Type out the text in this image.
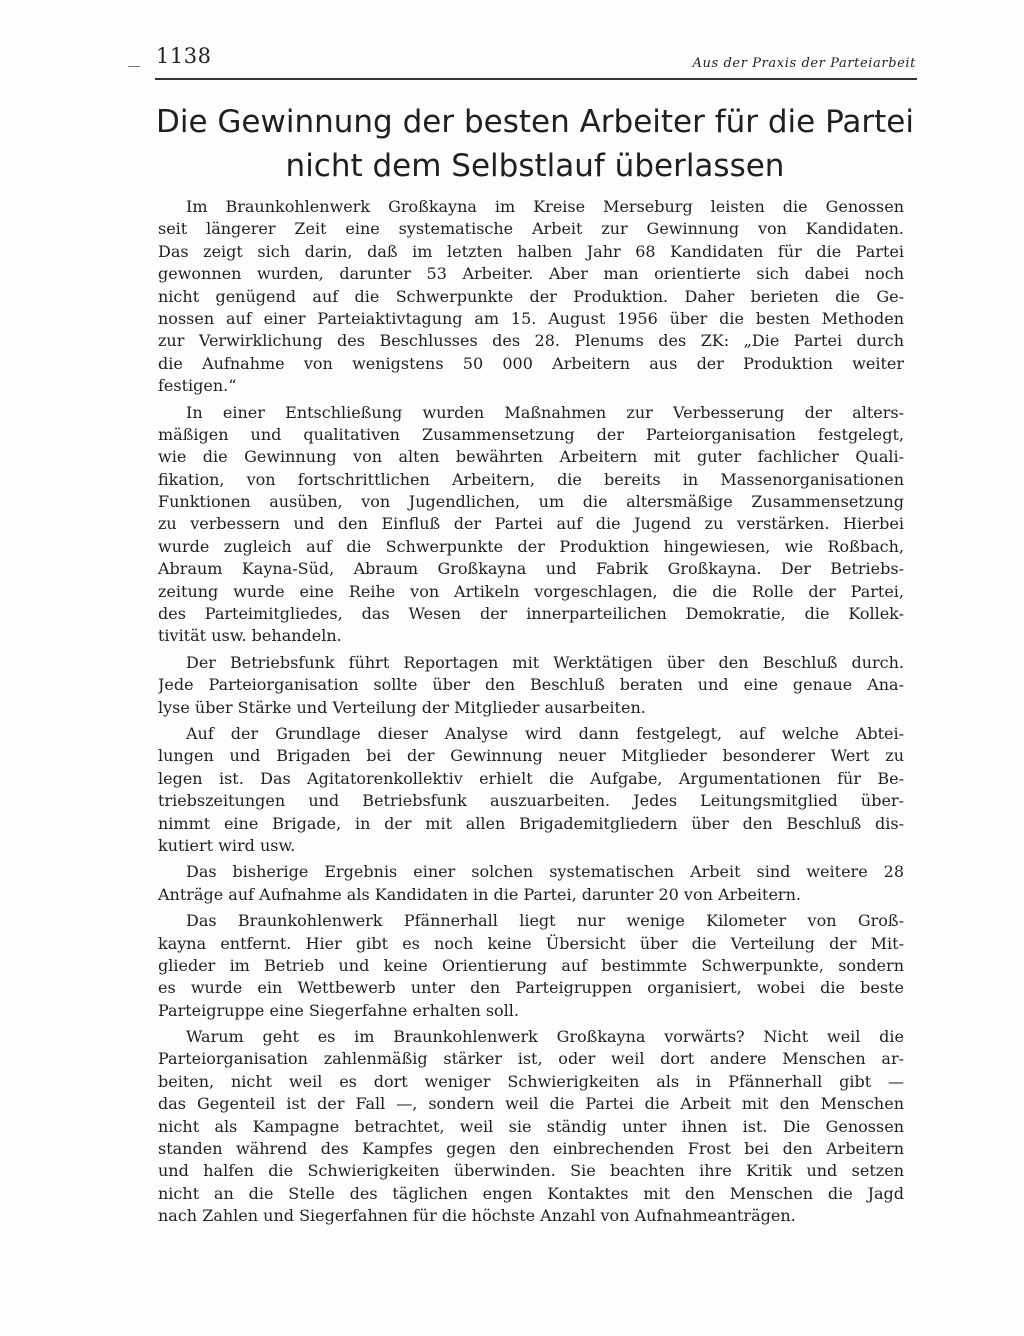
1138	Aus der Praxis der Parteiarbeit
Die Gewinnung der besten Arbeiter für die Partei
nicht dem Selbstlauf überlassen
Im Braunkohlenwerk Großkayna im Kreise Merseburg leisten die Genossen
seit längerer Zeit eine systematische Arbeit zur Gewinnung von Kandidaten.
Das zeigt sich darin, daß im letzten halben Jahr 68 Kandidaten für die Partei
gewonnen wurden, darunter 53 Arbeiter. Aber man orientierte sich dabei noch
nicht genügend auf die Schwerpunkte der Produktion. Daher berieten die Ge-
nossen auf einer Parteiaktivtagung am 15. August 1956 über die besten Methoden
zur Verwirklichung des Beschlusses des 28. Plenums des ZK: „Die Partei durch
die Aufnahme von wenigstens 50 000 Arbeitern aus der Produktion weiter
festigen.“
In einer Entschließung wurden Maßnahmen zur Verbesserung der alters-
mäßigen und qualitativen Zusammensetzung der Parteiorganisation festgelegt,
wie die Gewinnung von alten bewährten Arbeitern mit guter fachlicher Quali-
fikation, von fortschrittlichen Arbeitern, die bereits in Massenorganisationen
Funktionen ausüben, von Jugendlichen, um die altersmäßige Zusammensetzung
zu verbessern und den Einfluß der Partei auf die Jugend zu verstärken. Hierbei
wurde zugleich auf die Schwerpunkte der Produktion hingewiesen, wie Roßbach,
Abraum Kayna-Süd, Abraum Großkayna und Fabrik Großkayna. Der Betriebs-
zeitung wurde eine Reihe von Artikeln vorgeschlagen, die die Rolle der Partei,
des Parteimitgliedes, das Wesen der innerparteilichen Demokratie, die Kollek-
tivität usw. behandeln.
Der Betriebsfunk führt Reportagen mit Werktätigen über den Beschluß durch.
Jede Parteiorganisation sollte über den Beschluß beraten und eine genaue Ana-
lyse über Stärke und Verteilung der Mitglieder ausarbeiten.
Auf der Grundlage dieser Analyse wird dann festgelegt, auf welche Abtei-
lungen und Brigaden bei der Gewinnung neuer Mitglieder besonderer Wert zu
legen ist. Das Agitatorenkollektiv erhielt die Aufgabe, Argumentationen für Be-
triebszeitungen und Betriebsfunk auszuarbeiten. Jedes Leitungsmitglied über-
nimmt eine Brigade, in der mit allen Brigademitgliedern über den Beschluß dis-
kutiert wird usw.
Das bisherige Ergebnis einer solchen systematischen Arbeit sind weitere 28
Anträge auf Aufnahme als Kandidaten in die Partei, darunter 20 von Arbeitern.
Das Braunkohlenwerk Pfännerhall liegt nur wenige Kilometer von Groß-
kayna entfernt. Hier gibt es noch keine Übersicht über die Verteilung der Mit-
glieder im Betrieb und keine Orientierung auf bestimmte Schwerpunkte, sondern
es wurde ein Wettbewerb unter den Parteigruppen organisiert, wobei die beste
Parteigruppe eine Siegerfahne erhalten soll.
Warum geht es im Braunkohlenwerk Großkayna vorwärts? Nicht weil die
Parteiorganisation zahlenmäßig stärker ist, oder weil dort andere Menschen ar-
beiten, nicht weil es dort weniger Schwierigkeiten als in Pfännerhall gibt —
das Gegenteil ist der Fall —, sondern weil die Partei die Arbeit mit den Menschen
nicht als Kampagne betrachtet, weil sie ständig unter ihnen ist. Die Genossen
standen während des Kampfes gegen den einbrechenden Frost bei den Arbeitern
und halfen die Schwierigkeiten überwinden. Sie beachten ihre Kritik und setzen
nicht an die Stelle des täglichen engen Kontaktes mit den Menschen die Jagd
nach Zahlen und Siegerfahnen für die höchste Anzahl von Aufnahmeanträgen.
